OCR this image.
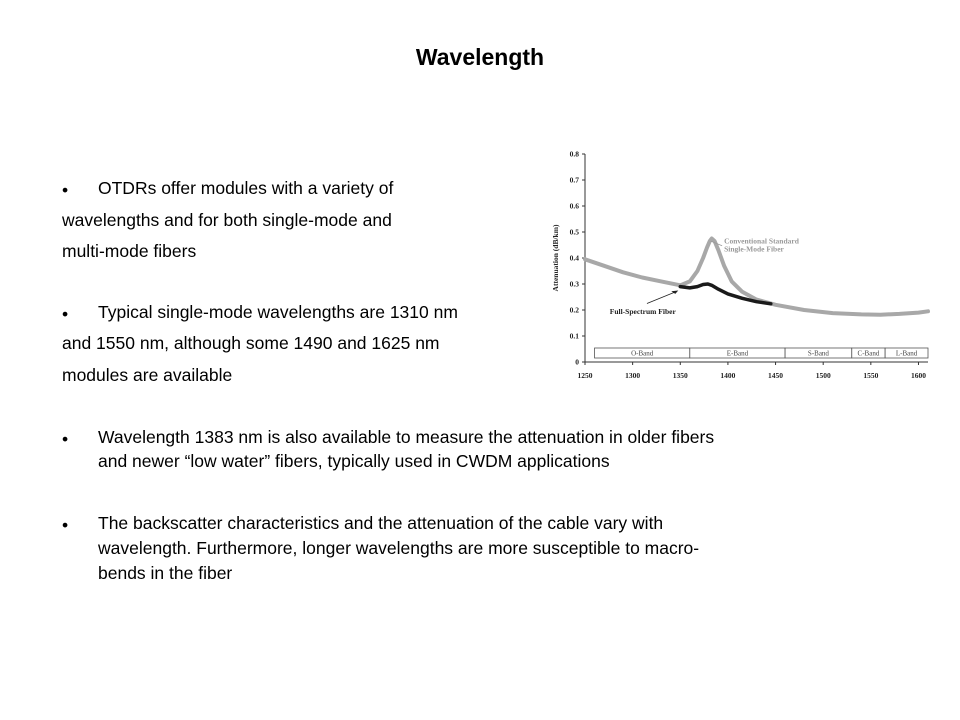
Wavelength
• OTDRs offer modules with a variety of
wavelengths and for both single-mode and
multi-mode fibers
• Typical single-mode wavelengths are 1310 nm
and 1550 nm, although some 1490 and 1625 nm
modules are available
• Wavelength 1383 nm is also available to measure the attenuation in older fibers
and newer “low water” fibers, typically used in CWDM applications
• The backscatter characteristics and the attenuation of the cable vary with
wavelength. Furthermore, longer wavelengths are more susceptible to macro-
bends in the fiber
0
0.1
0.2
0.3
0.4
0.5
0.6
0.7
0.8
1250	1300	1350	1400	1450	1500	1550	1600
Attenuation (dB/km)
O-Band	E-Band	S-Band	C-Band L-Band
Conventional Standard
Single-Mode Fiber
Full-Spectrum Fiber
